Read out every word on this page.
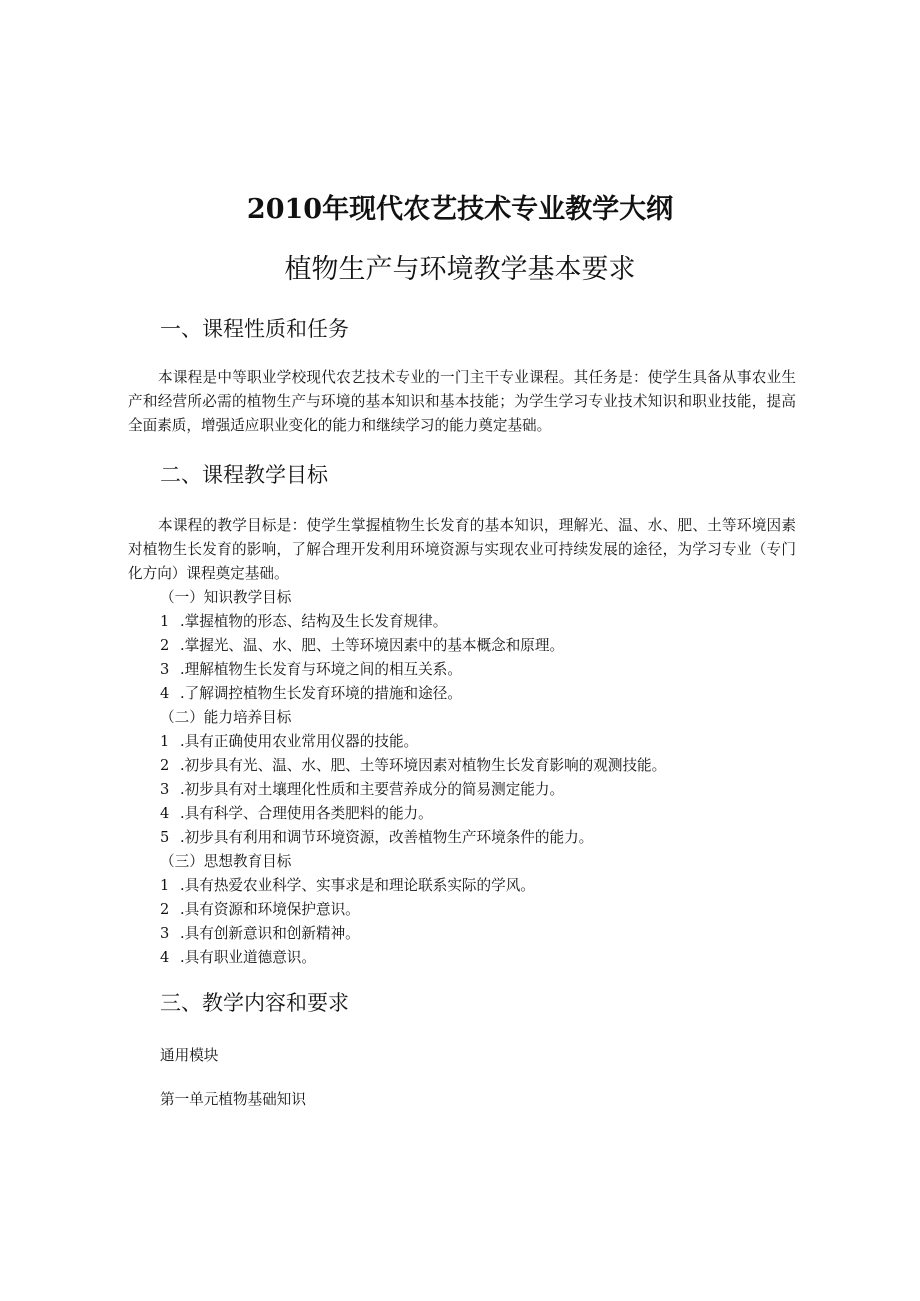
2010年现代农艺技术专业教学大纲
植物生产与环境教学基本要求
一、课程性质和任务
本课程是中等职业学校现代农艺技术专业的一门主干专业课程。其任务是：使学生具备从事农业生产和经营所必需的植物生产与环境的基本知识和基本技能；为学生学习专业技术知识和职业技能，提高全面素质，增强适应职业变化的能力和继续学习的能力奠定基础。
二、课程教学目标
本课程的教学目标是：使学生掌握植物生长发育的基本知识，理解光、温、水、肥、土等环境因素对植物生长发育的影响，了解合理开发利用环境资源与实现农业可持续发展的途径，为学习专业（专门化方向）课程奠定基础。
（一）知识教学目标
1 .掌握植物的形态、结构及生长发育规律。
2 .掌握光、温、水、肥、土等环境因素中的基本概念和原理。
3 .理解植物生长发育与环境之间的相互关系。
4 .了解调控植物生长发育环境的措施和途径。
（二）能力培养目标
1 .具有正确使用农业常用仪器的技能。
2 .初步具有光、温、水、肥、土等环境因素对植物生长发育影响的观测技能。
3 .初步具有对土壤理化性质和主要营养成分的简易测定能力。
4 .具有科学、合理使用各类肥料的能力。
5 .初步具有利用和调节环境资源，改善植物生产环境条件的能力。
（三）思想教育目标
1 .具有热爱农业科学、实事求是和理论联系实际的学风。
2 .具有资源和环境保护意识。
3 .具有创新意识和创新精神。
4 .具有职业道德意识。
三、教学内容和要求
通用模块
第一单元植物基础知识
